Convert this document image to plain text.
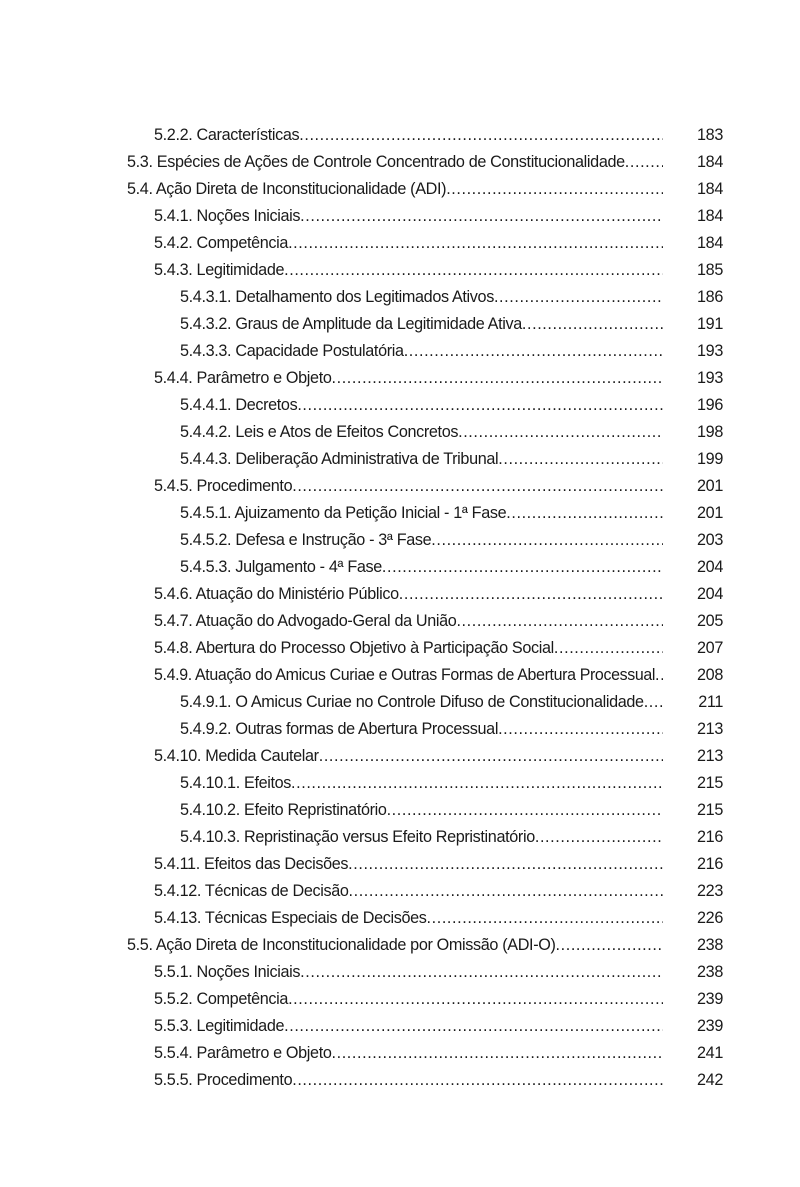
5.2.2. Características .....	183
5.3. Espécies de Ações de Controle Concentrado de Constitucionalidade .....	184
5.4. Ação Direta de Inconstitucionalidade (ADI) .....	184
5.4.1. Noções Iniciais .....	184
5.4.2. Competência .....	184
5.4.3. Legitimidade .....	185
5.4.3.1. Detalhamento dos Legitimados Ativos .....	186
5.4.3.2. Graus de Amplitude da Legitimidade Ativa .....	191
5.4.3.3. Capacidade Postulatória .....	193
5.4.4. Parâmetro e Objeto .....	193
5.4.4.1. Decretos .....	196
5.4.4.2. Leis e Atos de Efeitos Concretos .....	198
5.4.4.3. Deliberação Administrativa de Tribunal .....	199
5.4.5. Procedimento .....	201
5.4.5.1. Ajuizamento da Petição Inicial - 1ª Fase .....	201
5.4.5.2. Defesa e Instrução - 3ª Fase .....	203
5.4.5.3. Julgamento - 4ª Fase .....	204
5.4.6. Atuação do Ministério Público .....	204
5.4.7. Atuação do Advogado-Geral da União .....	205
5.4.8. Abertura do Processo Objetivo à Participação Social .....	207
5.4.9. Atuação do Amicus Curiae e Outras Formas de Abertura Processual .....	208
5.4.9.1. O Amicus Curiae no Controle Difuso de Constitucionalidade .....	211
5.4.9.2. Outras formas de Abertura Processual .....	213
5.4.10. Medida Cautelar .....	213
5.4.10.1. Efeitos .....	215
5.4.10.2. Efeito Repristinatório .....	215
5.4.10.3. Repristinação versus Efeito Repristinatório .....	216
5.4.11. Efeitos das Decisões .....	216
5.4.12. Técnicas de Decisão .....	223
5.4.13. Técnicas Especiais de Decisões .....	226
5.5. Ação Direta de Inconstitucionalidade por Omissão (ADI-O) .....	238
5.5.1. Noções Iniciais .....	238
5.5.2. Competência .....	239
5.5.3. Legitimidade .....	239
5.5.4. Parâmetro e Objeto .....	241
5.5.5. Procedimento .....	242
